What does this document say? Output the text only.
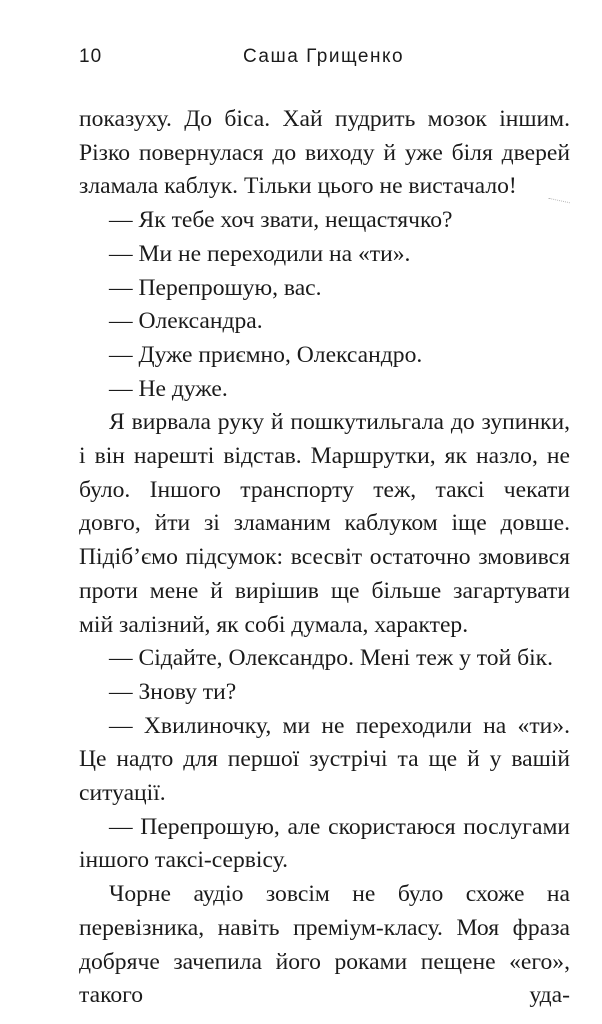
10	Саша Грищенко

показуху. До біса. Хай пудрить мозок іншим. Різко повернулася до виходу й уже біля дверей зламала каблук. Тільки цього не вистачало!

— Як тебе хоч звати, нещастячко?

— Ми не переходили на «ти».

— Перепрошую, вас.

— Олександра.

— Дуже приємно, Олександро.

— Не дуже.

Я вирвала руку й пошкутильгала до зупинки, і він нарешті відстав. Маршрутки, як назло, не було. Іншого транспорту теж, таксі чекати довго, йти зі зламаним каблуком іще довше. Підіб’ємо підсумок: всесвіт остаточно змовився проти мене й вирішив ще більше загартувати мій залізний, як собі думала, характер.

— Сідайте, Олександро. Мені теж у той бік.

— Знову ти?

— Хвилиночку, ми не переходили на «ти». Це надто для першої зустрічі та ще й у вашій ситуації.

— Перепрошую, але скористаюся послугами іншого таксі-сервісу.

Чорне аудіо зовсім не було схоже на перевізника, навіть преміум-класу. Моя фраза добряче зачепила його роками пещене «его», такого уда-
